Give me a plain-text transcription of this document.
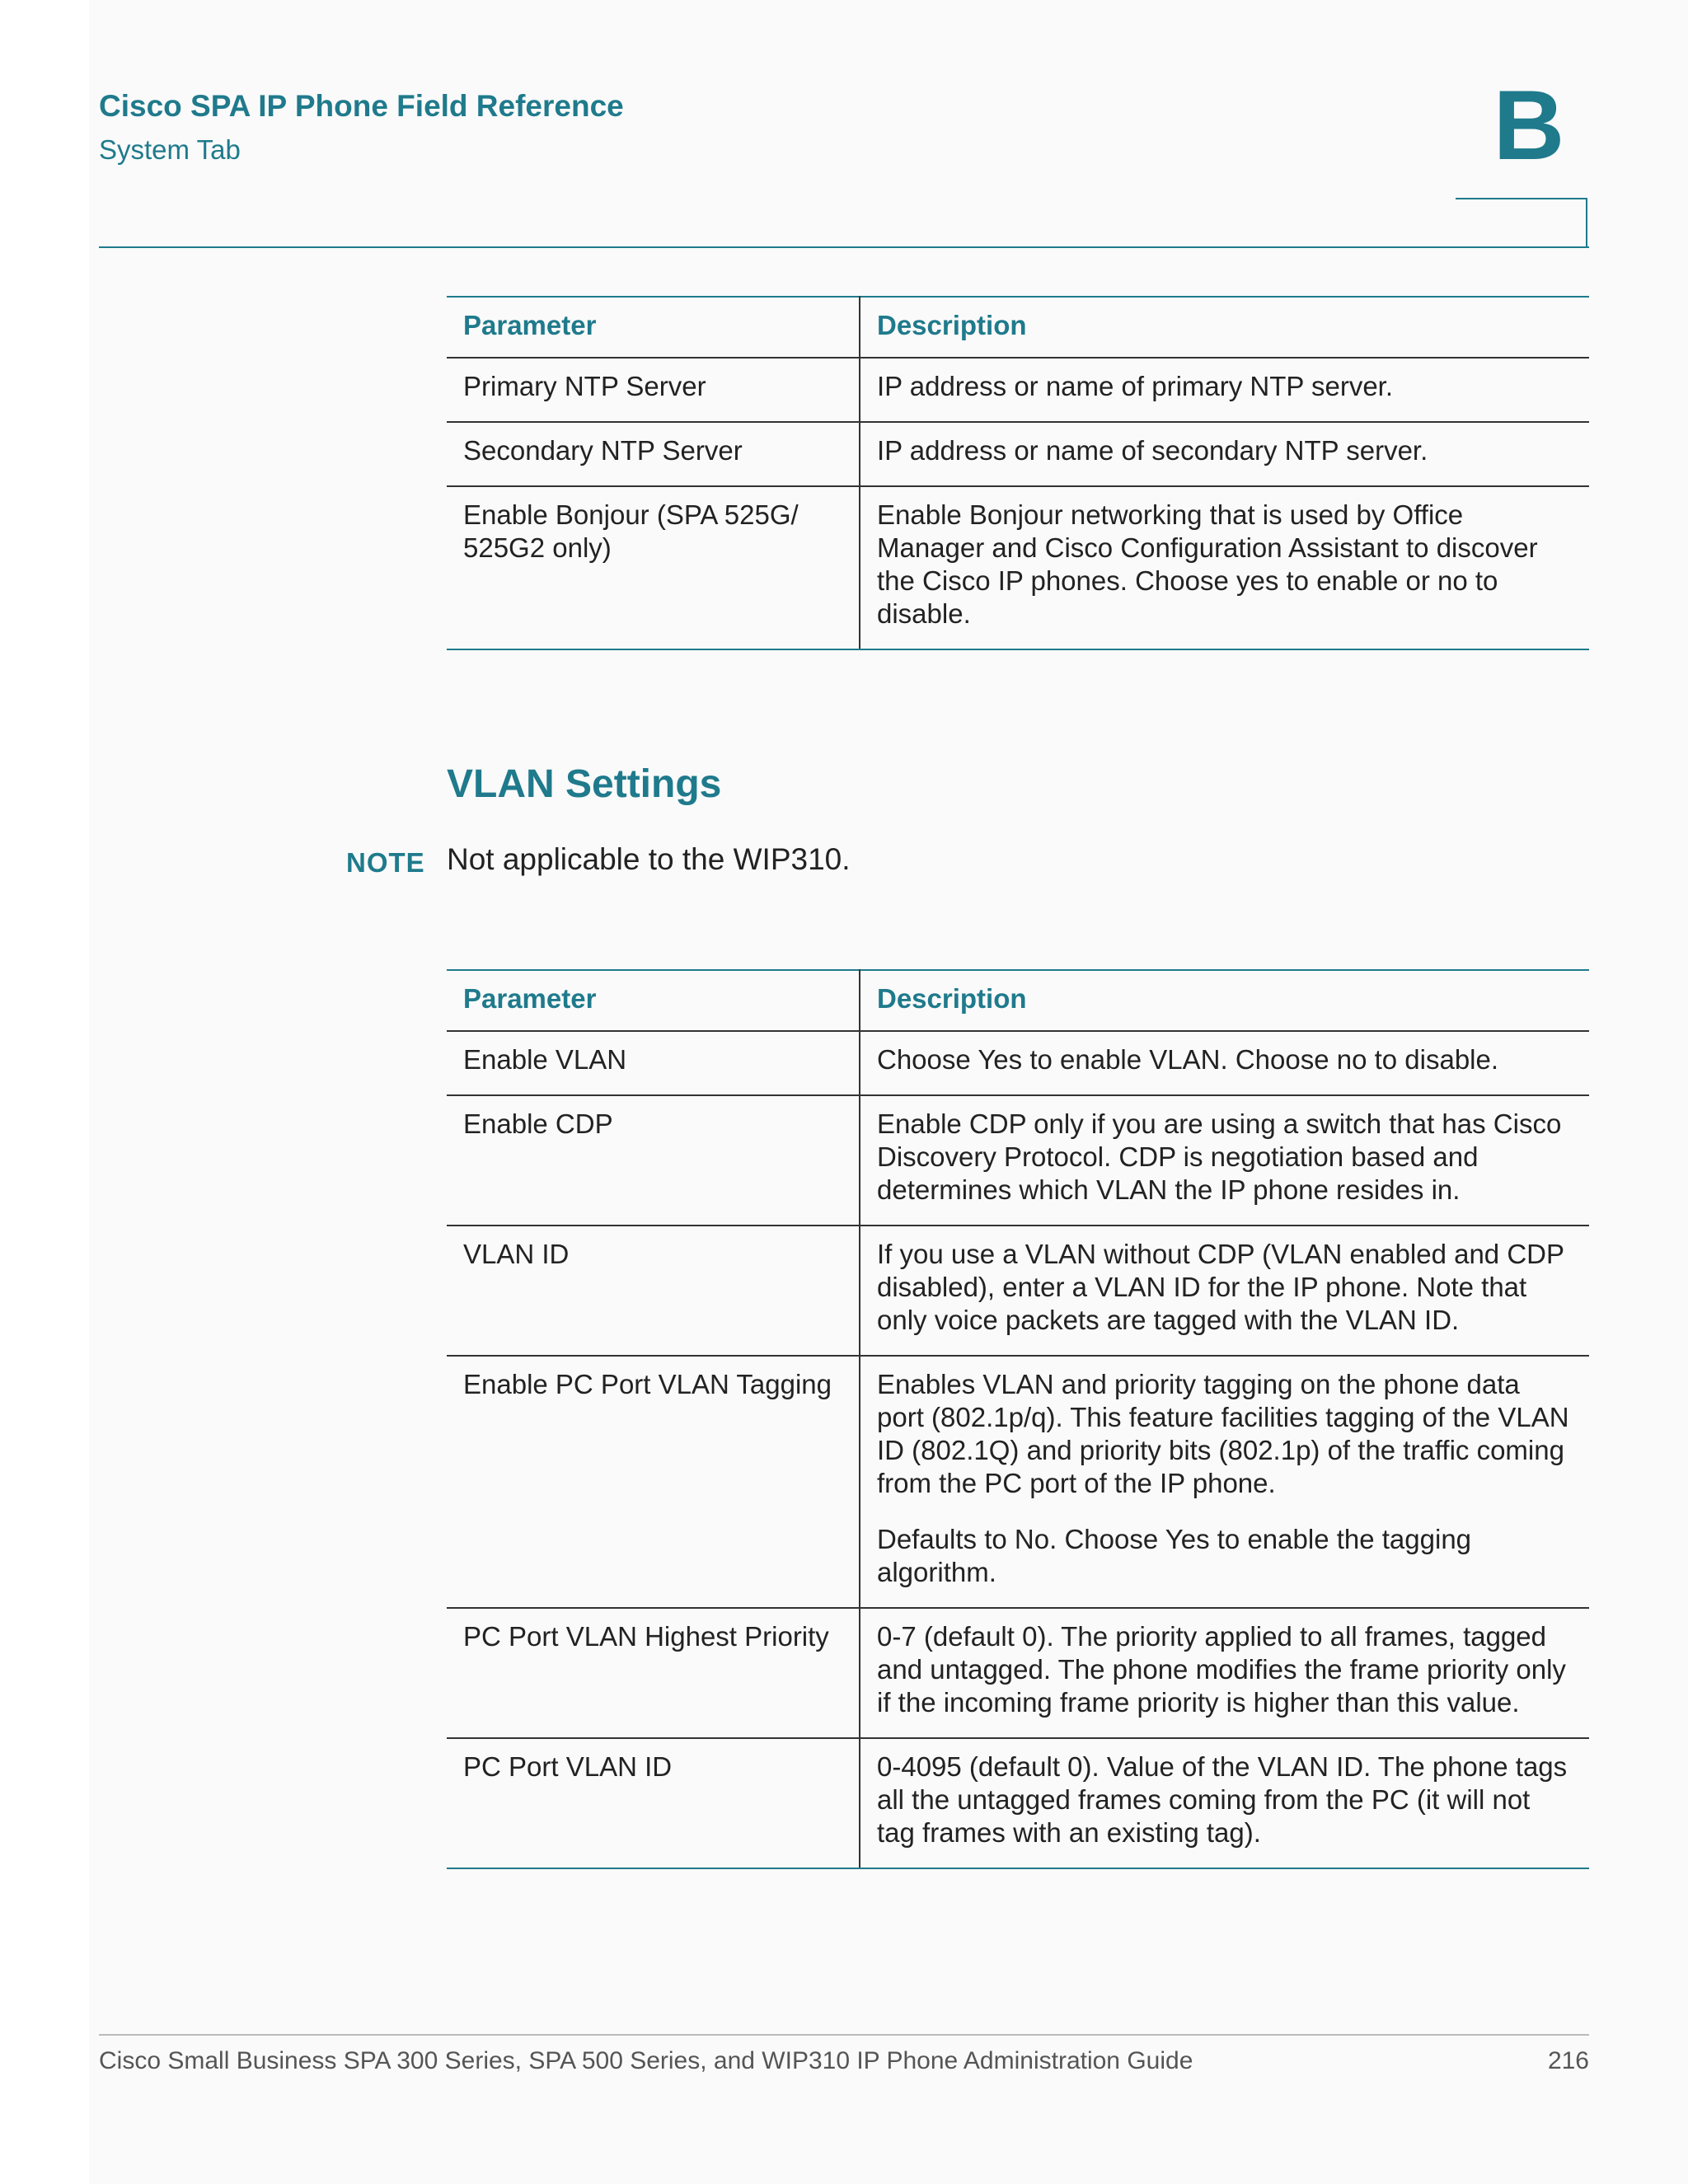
Cisco SPA IP Phone Field Reference
System Tab	B
Parameter	Description
Primary NTP Server	IP address or name of primary NTP server.
Secondary NTP Server	IP address or name of secondary NTP server.
Enable Bonjour (SPA 525G/ 525G2 only)	Enable Bonjour networking that is used by Office Manager and Cisco Configuration Assistant to discover the Cisco IP phones. Choose yes to enable or no to disable.
VLAN Settings
NOTE Not applicable to the WIP310.
Parameter	Description
Enable VLAN	Choose Yes to enable VLAN. Choose no to disable.
Enable CDP	Enable CDP only if you are using a switch that has Cisco Discovery Protocol. CDP is negotiation based and determines which VLAN the IP phone resides in.
VLAN ID	If you use a VLAN without CDP (VLAN enabled and CDP disabled), enter a VLAN ID for the IP phone. Note that only voice packets are tagged with the VLAN ID.
Enable PC Port VLAN Tagging	Enables VLAN and priority tagging on the phone data port (802.1p/q). This feature facilities tagging of the VLAN ID (802.1Q) and priority bits (802.1p) of the traffic coming from the PC port of the IP phone.
Defaults to No. Choose Yes to enable the tagging algorithm.

PC Port VLAN Highest Priority	0-7 (default 0). The priority applied to all frames, tagged and untagged. The phone modifies the frame priority only if the incoming frame priority is higher than this value.
PC Port VLAN ID	0-4095 (default 0). Value of the VLAN ID. The phone tags all the untagged frames coming from the PC (it will not tag frames with an existing tag).
Cisco Small Business SPA 300 Series, SPA 500 Series, and WIP310 IP Phone Administration Guide	216
